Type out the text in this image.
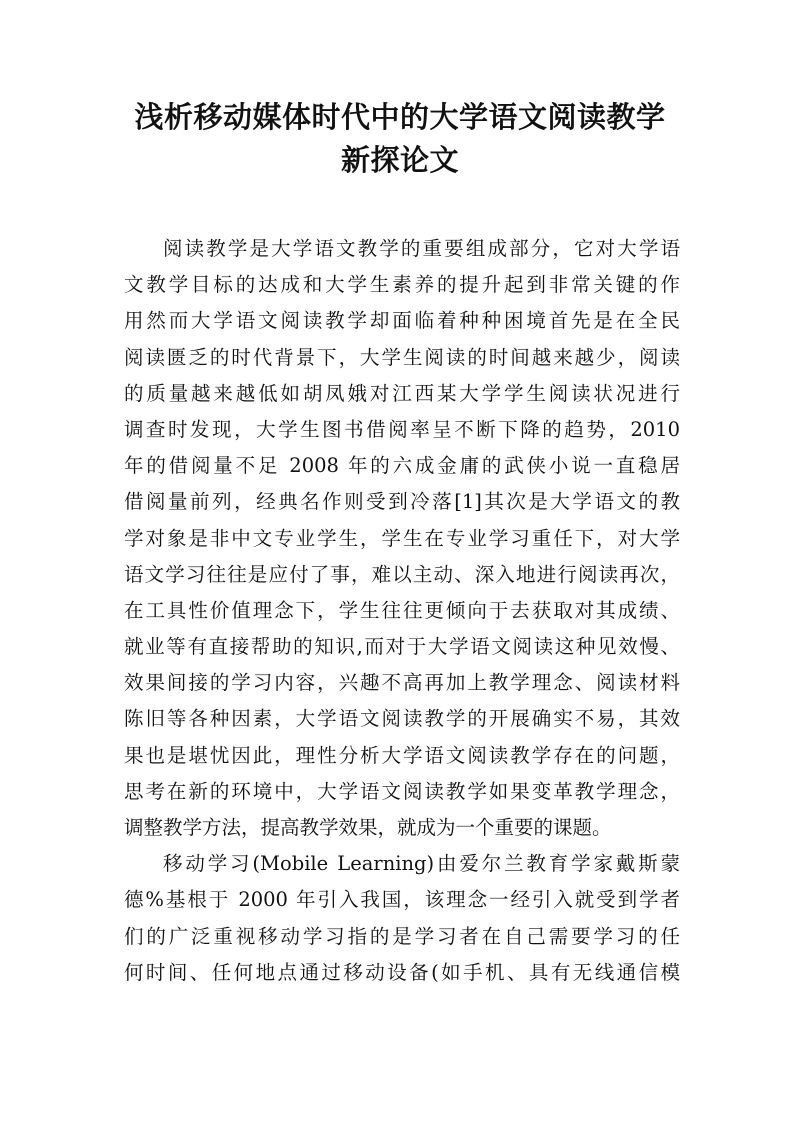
浅析移动媒体时代中的大学语文阅读教学
新探论文
阅读教学是大学语文教学的重要组成部分，它对大学语
文教学目标的达成和大学生素养的提升起到非常关键的作
用然而大学语文阅读教学却面临着种种困境首先是在全民
阅读匮乏的时代背景下，大学生阅读的时间越来越少，阅读
的质量越来越低如胡凤娥对江西某大学学生阅读状况进行
调查时发现，大学生图书借阅率呈不断下降的趋势，2010
年的借阅量不足 2008 年的六成金庸的武侠小说一直稳居
借阅量前列，经典名作则受到冷落[1]其次是大学语文的教
学对象是非中文专业学生，学生在专业学习重任下，对大学
语文学习往往是应付了事，难以主动、深入地进行阅读再次，
在工具性价值理念下，学生往往更倾向于去获取对其成绩、
就业等有直接帮助的知识,而对于大学语文阅读这种见效慢、
效果间接的学习内容，兴趣不高再加上教学理念、阅读材料
陈旧等各种因素，大学语文阅读教学的开展确实不易，其效
果也是堪忧因此，理性分析大学语文阅读教学存在的问题，
思考在新的环境中，大学语文阅读教学如果变革教学理念，
调整教学方法，提高教学效果，就成为一个重要的课题。
移动学习(Mobile Learning)由爱尔兰教育学家戴斯蒙
德%基根于 2000 年引入我国，该理念一经引入就受到学者
们的广泛重视移动学习指的是学习者在自己需要学习的任
何时间、任何地点通过移动设备(如手机、具有无线通信模
